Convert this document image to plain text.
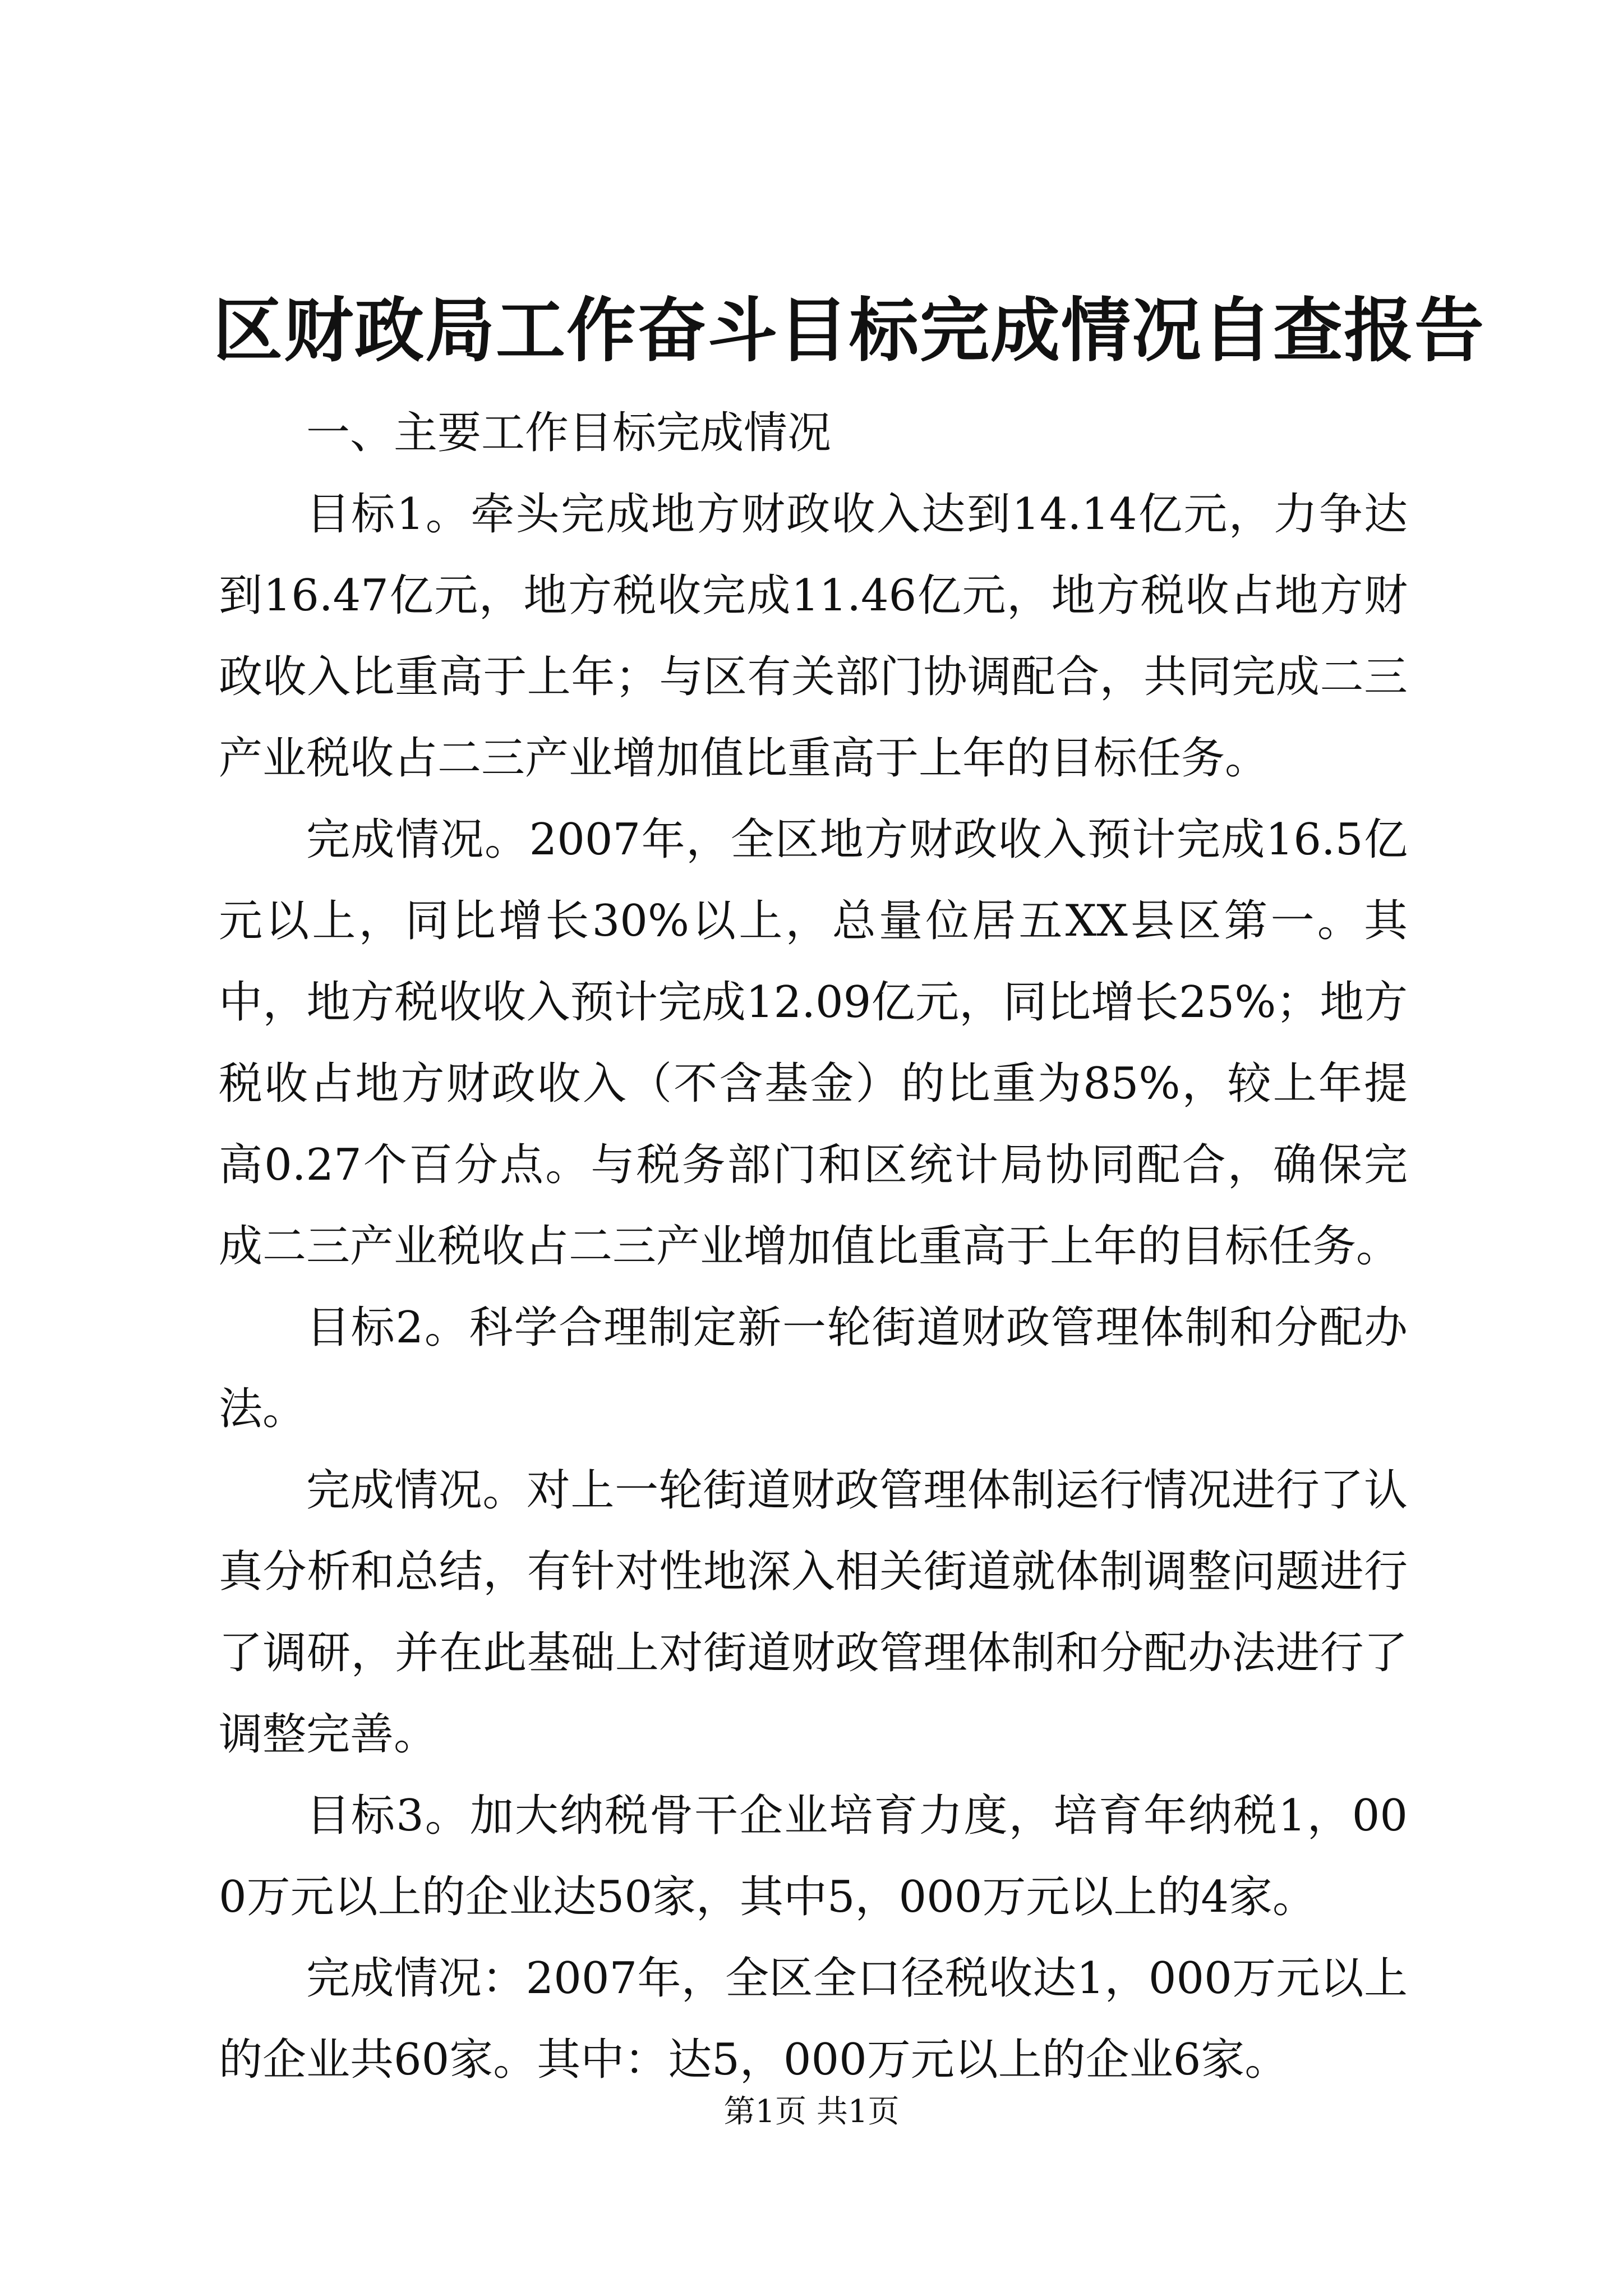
区财政局工作奋斗目标完成情况自查报告

一、主要工作目标完成情况

目标1。牵头完成地方财政收入达到14.14亿元，力争达到16.47亿元，地方税收完成11.46亿元，地方税收占地方财政收入比重高于上年；与区有关部门协调配合，共同完成二三产业税收占二三产业增加值比重高于上年的目标任务。

完成情况。2007年，全区地方财政收入预计完成16.5亿元以上，同比增长30%以上，总量位居五XX县区第一。其中，地方税收收入预计完成12.09亿元，同比增长25%；地方税收占地方财政收入（不含基金）的比重为85%，较上年提高0.27个百分点。与税务部门和区统计局协同配合，确保完成二三产业税收占二三产业增加值比重高于上年的目标任务。

目标2。科学合理制定新一轮街道财政管理体制和分配办法。

完成情况。对上一轮街道财政管理体制运行情况进行了认真分析和总结，有针对性地深入相关街道就体制调整问题进行了调研，并在此基础上对街道财政管理体制和分配办法进行了调整完善。

目标3。加大纳税骨干企业培育力度，培育年纳税1，000万元以上的企业达50家，其中5，000万元以上的4家。

完成情况：2007年，全区全口径税收达1，000万元以上的企业共60家。其中：达5，000万元以上的企业6家。

第1页 共1页
